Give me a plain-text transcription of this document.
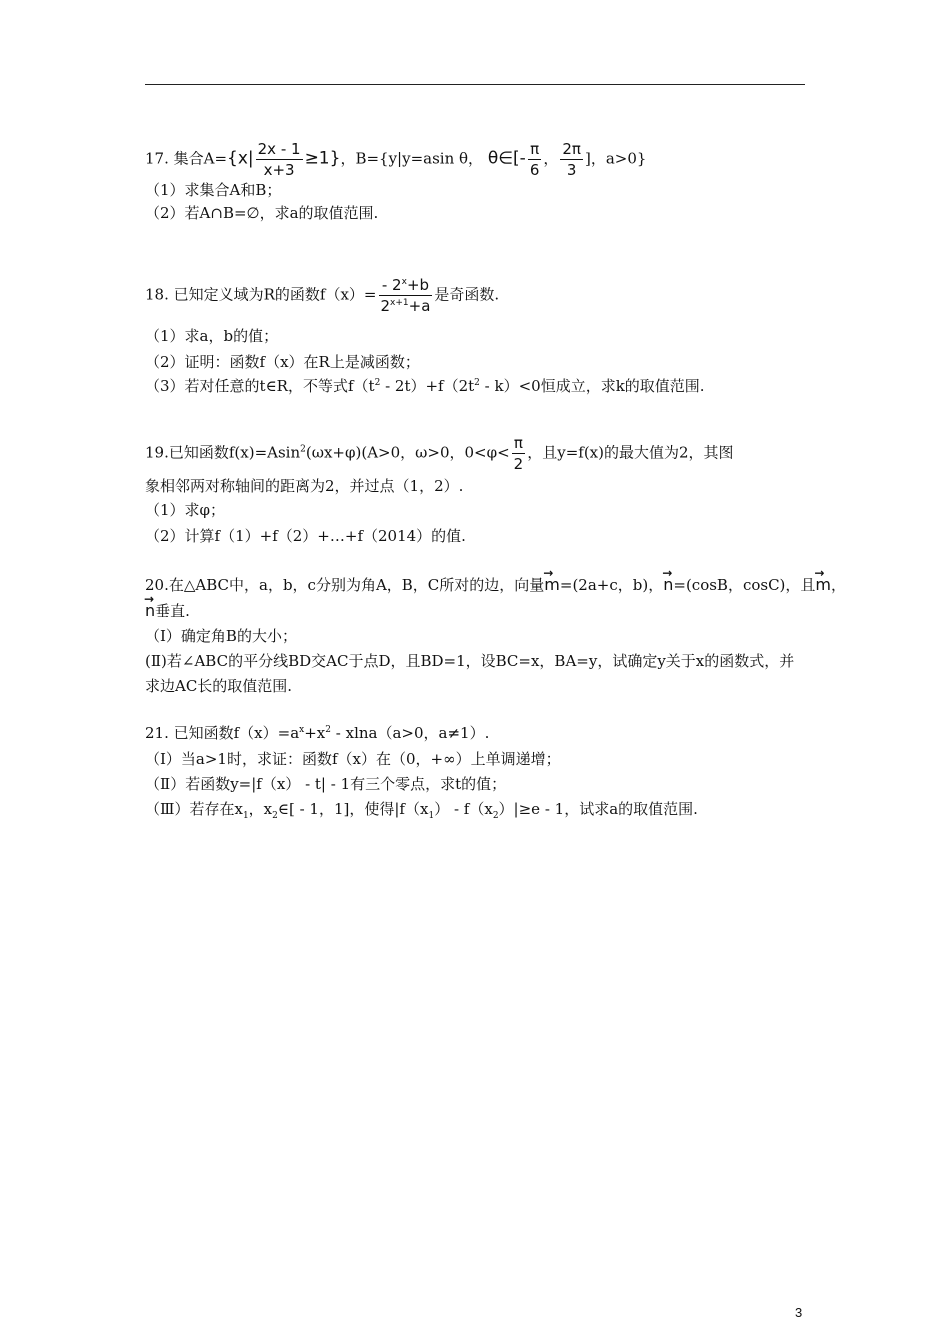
17. 集合$A=\{x| \frac{2x - 1}{x+3} \ge 1\}$，B={y|y=asin θ， θ∈[- $\frac{\pi}{6}$ ， $\frac{2\pi}{3}$ ]，a>0}
（1）求集合A和B；
（2）若A∩B=∅，求a的取值范围.
18. 已知定义域为R的函数$f(x)= \frac{- 2^x+b}{2^{x+1}+a}$ 是奇函数.
（1）求a，b的值；
（2）证明：函数f（x）在R上是减函数；
（3）若对任意的t∈R，不等式$f(t^2 - 2t)+f(2t^2 - k)<0$恒成立，求k的取值范围.
19.已知函数f(x)=Asin$^2$(ωx+φ)(A>0，ω>0，$0<\varphi< \frac{\pi}{2}$ ，且y=f(x)的最大值为2，其图
象相邻两对称轴间的距离为2，并过点（1，2）.
（1）求φ；
（2）计算f（1）+f（2）+…+f（2014）的值.
20.在△ABC中，a，b，c分别为角A，B，C所对的边，向量→ m=(2a+c，b)，→ n=(cosB，cosC)，且→ m，
→ n垂直.
（Ⅰ）确定角B的大小；
(Ⅱ)若∠ABC的平分线BD交AC于点D，且BD=1，设BC=x，BA=y，试确定y关于x的函数式，并
求边AC长的取值范围.
21. 已知函数$f(x)=a^x+x^2 - xlna(a>0$，a≠1）.
（Ⅰ）当a>1时，求证：函数f（x）在（0，+∞）上单调递增；
（Ⅱ）若函数y=|f（x） - t| - 1有三个零点，求t的值；
（Ⅲ）若存在$x_1$，$x_2\in[ - 1$，1]，使得$|f(x_1) - f(x_2)|\ge e - 1$，试求a的取值范围.
3
